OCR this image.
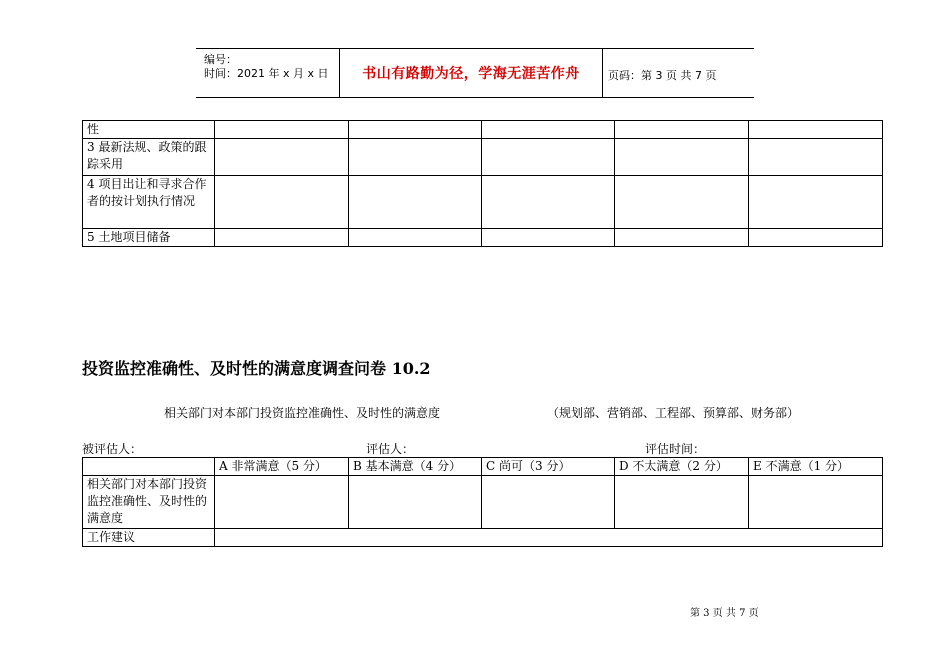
编号：
时间：2021 年 x 月 x 日	书山有路勤为径，学海无涯苦作舟	页码：第 3 页 共 7 页
性					
3 最新法规、政策的跟踪采用					
4 项目出让和寻求合作者的按计划执行情况					
5 土地项目储备					
投资监控准确性、及时性的满意度调查问卷 10.2
相关部门对本部门投资监控准确性、及时性的满意度	（规划部、营销部、工程部、预算部、财务部）
被评估人：	评估人：	评估时间：
	A 非常满意（5 分）	B 基本满意（4 分）	C 尚可（3 分）	D 不太满意（2 分）	E 不满意（1 分）
相关部门对本部门投资监控准确性、及时性的满意度					
工作建议					
第 3 页 共 7 页
